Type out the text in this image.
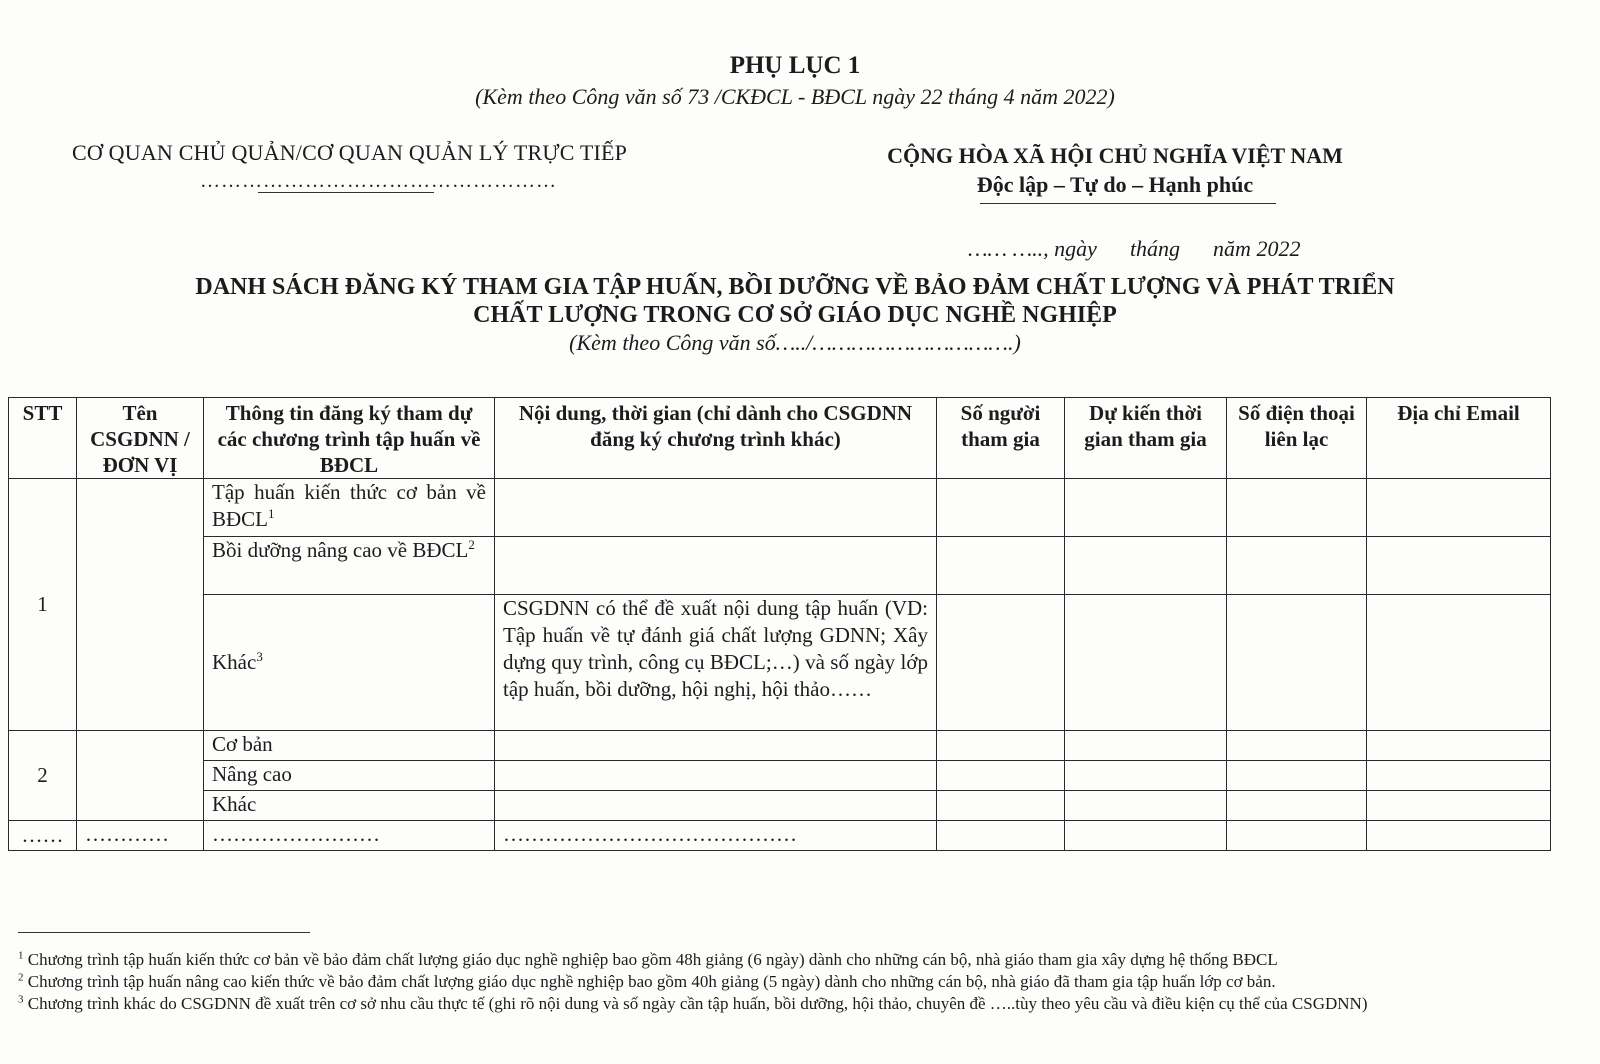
PHỤ LỤC 1
(Kèm theo Công văn số 73 /CKĐCL - BĐCL ngày 22 tháng 4 năm 2022)
CƠ QUAN CHỦ QUẢN/CƠ QUAN QUẢN LÝ TRỰC TIẾP
……………………………………………
CỘNG HÒA XÃ HỘI CHỦ NGHĨA VIỆT NAM
Độc lập – Tự do – Hạnh phúc
…… ….., ngày      tháng      năm 2022
DANH SÁCH ĐĂNG KÝ THAM GIA TẬP HUẤN, BỒI DƯỠNG VỀ BẢO ĐẢM CHẤT LƯỢNG VÀ PHÁT TRIỂN
CHẤT LƯỢNG TRONG CƠ SỞ GIÁO DỤC NGHỀ NGHIỆP
(Kèm theo Công văn số…../………………………….)
STT	Tên CSGDNN /ĐƠN VỊ	Thông tin đăng ký tham dự các chương trình tập huấn về BĐCL	Nội dung, thời gian (chỉ dành cho CSGDNN đăng ký chương trình khác)	Số người tham gia	Dự kiến thời gian tham gia	Số điện thoại liên lạc	Địa chỉ Email
1		Tập huấn kiến thức cơ bản về BĐCL$^1$					
		Bồi dưỡng nâng cao về BĐCL$^2$					
		Khác$^3$	CSGDNN có thể đề xuất nội dung tập huấn (VD: Tập huấn về tự đánh giá chất lượng GDNN; Xây dựng quy trình, công cụ BĐCL;…) và số ngày lớp tập huấn, bồi dưỡng, hội nghị, hội thảo……				
2		Cơ bản					
		Nâng cao					
		Khác					
……	…………	……………………	……………………………………				
$^1$ Chương trình tập huấn kiến thức cơ bản về bảo đảm chất lượng giáo dục nghề nghiệp bao gồm 48h giảng (6 ngày) dành cho những cán bộ, nhà giáo tham gia xây dựng hệ thống BĐCL
$^2$ Chương trình tập huấn nâng cao kiến thức về bảo đảm chất lượng giáo dục nghề nghiệp bao gồm 40h giảng (5 ngày) dành cho những cán bộ, nhà giáo đã tham gia tập huấn lớp cơ bản.
$^3$ Chương trình khác do CSGDNN đề xuất trên cơ sở nhu cầu thực tế (ghi rõ nội dung và số ngày cần tập huấn, bồi dưỡng, hội thảo, chuyên đề …..tùy theo yêu cầu và điều kiện cụ thể của CSGDNN)
